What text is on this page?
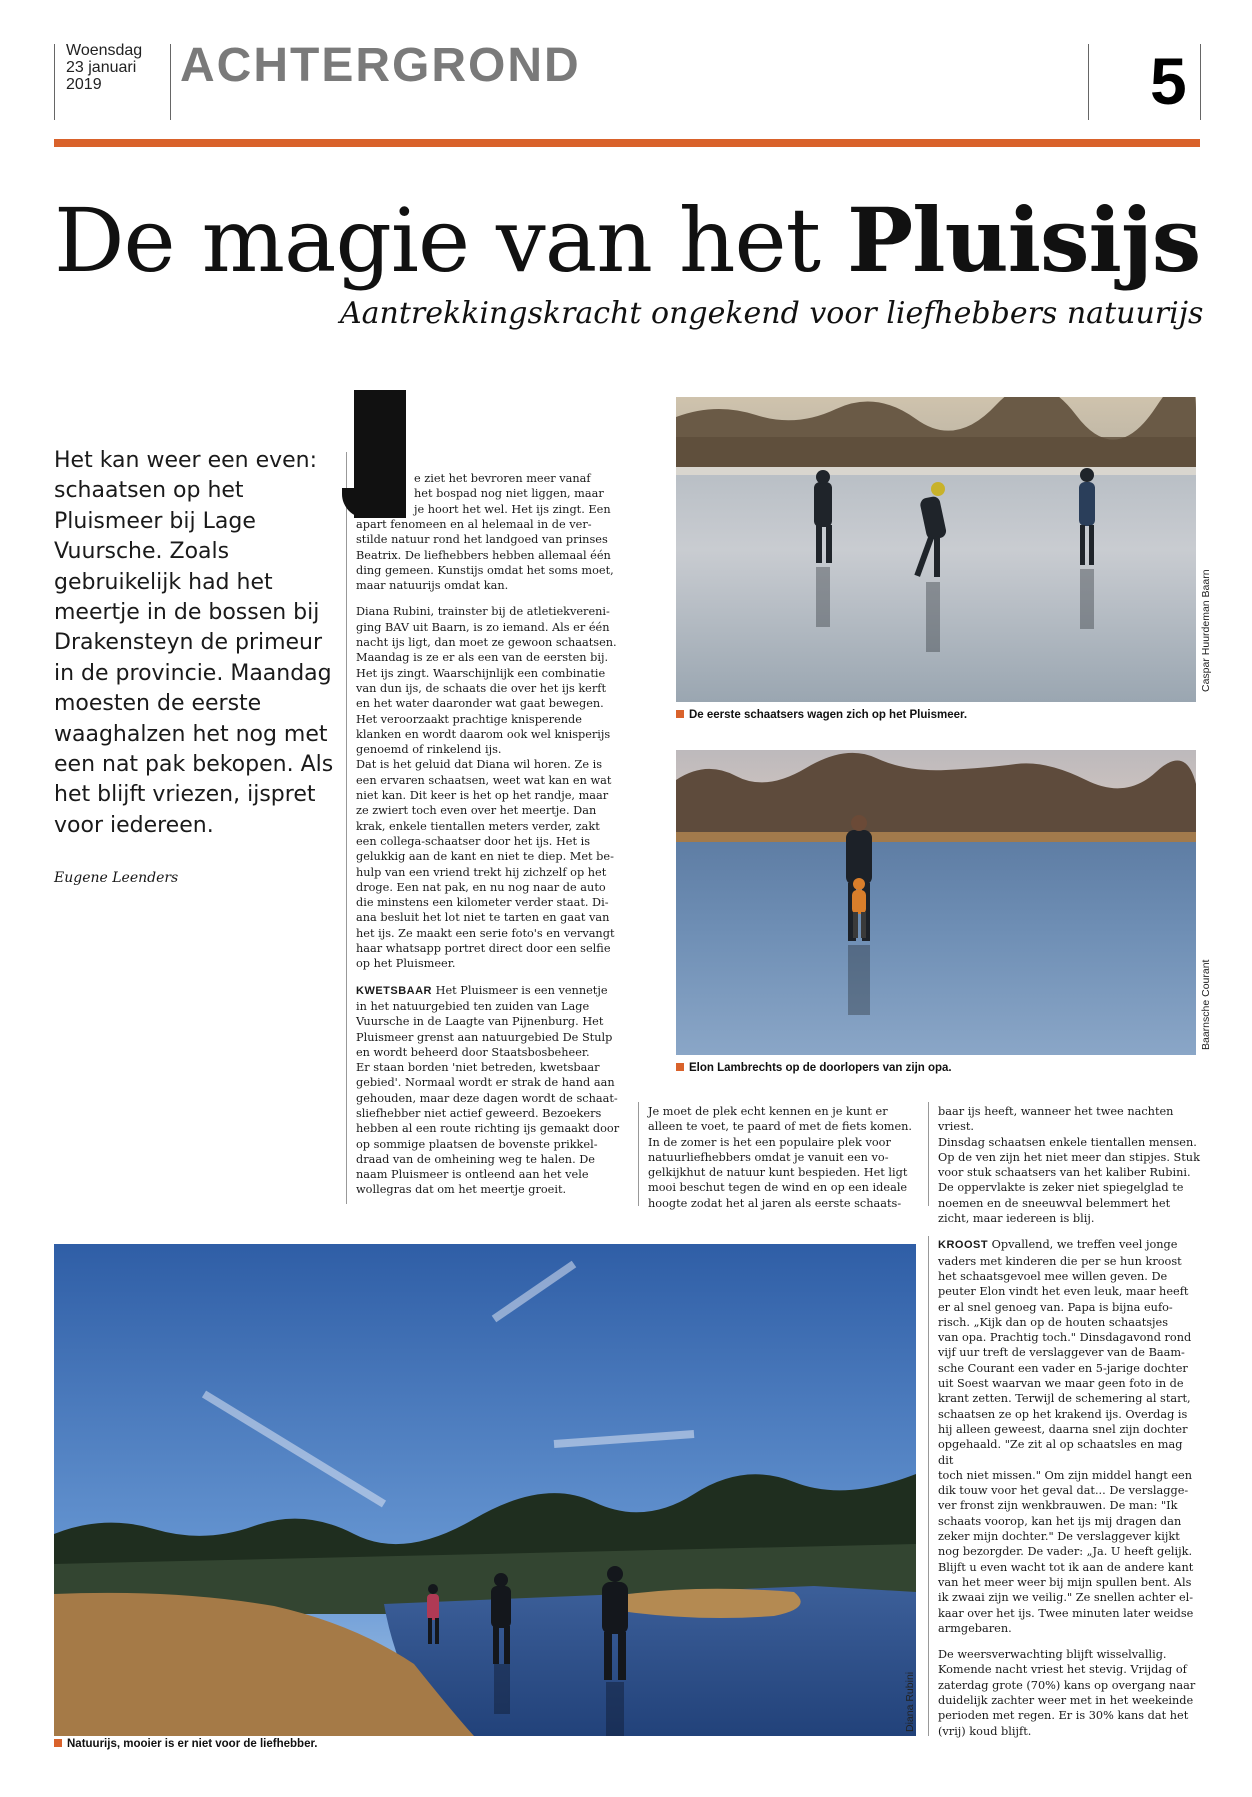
Woensdag
23 januari
2019	ACHTERGROND	5
De magie van het Pluisijs
Aantrekkingskracht ongekend voor liefhebbers natuurijs
Het kan weer een even:
schaatsen op het
Pluismeer bij Lage
Vuursche. Zoals
gebruikelijk had het
meertje in de bossen bij
Drakensteyn de primeur
in de provincie. Maandag
moesten de eerste
waaghalzen het nog met
een nat pak bekopen. Als
het blijft vriezen, ijspret
voor iedereen.
Eugene Leenders
e ziet het bevroren meer vanaf
het bospad nog niet liggen, maar
je hoort het wel. Het ijs zingt. Een

apart fenomeen en al helemaal in de ver-
stilde natuur rond het landgoed van prinses
Beatrix. De liefhebbers hebben allemaal één
ding gemeen. Kunstijs omdat het soms moet,
maar natuurijs omdat kan.

Diana Rubini, trainster bij de atletiekvereni-
ging BAV uit Baarn, is zo iemand. Als er één
nacht ijs ligt, dan moet ze gewoon schaatsen.
Maandag is ze er als een van de eersten bij.
Het ijs zingt. Waarschijnlijk een combinatie
van dun ijs, de schaats die over het ijs kerft
en het water daaronder wat gaat bewegen.
Het veroorzaakt prachtige knisperende
klanken en wordt daarom ook wel knisperijs
genoemd of rinkelend ijs.
Dat is het geluid dat Diana wil horen. Ze is
een ervaren schaatsen, weet wat kan en wat
niet kan. Dit keer is het op het randje, maar
ze zwiert toch even over het meertje. Dan
krak, enkele tientallen meters verder, zakt
een collega-schaatser door het ijs. Het is
gelukkig aan de kant en niet te diep. Met be-
hulp van een vriend trekt hij zichzelf op het
droge. Een nat pak, en nu nog naar de auto
die minstens een kilometer verder staat. Di-
ana besluit het lot niet te tarten en gaat van
het ijs. Ze maakt een serie foto's en vervangt
haar whatsapp portret direct door een selfie
op het Pluismeer.

KWETSBAAR Het Pluismeer is een vennetje
in het natuurgebied ten zuiden van Lage
Vuursche in de Laagte van Pijnenburg. Het
Pluismeer grenst aan natuurgebied De Stulp
en wordt beheerd door Staatsbosbeheer.
Er staan borden 'niet betreden, kwetsbaar
gebied'. Normaal wordt er strak de hand aan
gehouden, maar deze dagen wordt de schaat-
sliefhebber niet actief geweerd. Bezoekers
hebben al een route richting ijs gemaakt door
op sommige plaatsen de bovenste prikkel-
draad van de omheining weg te halen. De
naam Pluismeer is ontleend aan het vele
wollegras dat om het meertje groeit.

Je moet de plek echt kennen en je kunt er
alleen te voet, te paard of met de fiets komen.
In de zomer is het een populaire plek voor
natuurliefhebbers omdat je vanuit een vo-
gelkijkhut de natuur kunt bespieden. Het ligt
mooi beschut tegen de wind en op een ideale
hoogte zodat het al jaren als eerste schaats-

baar ijs heeft, wanneer het twee nachten
vriest.
Dinsdag schaatsen enkele tientallen mensen.
Op de ven zijn het niet meer dan stipjes. Stuk
voor stuk schaatsers van het kaliber Rubini.
De oppervlakte is zeker niet spiegelglad te
noemen en de sneeuwval belemmert het
zicht, maar iedereen is blij.

KROOST Opvallend, we treffen veel jonge
vaders met kinderen die per se hun kroost
het schaatsgevoel mee willen geven. De
peuter Elon vindt het even leuk, maar heeft
er al snel genoeg van. Papa is bijna eufo-
risch. „Kijk dan op de houten schaatsjes
van opa. Prachtig toch." Dinsdagavond rond
vijf uur treft de verslaggever van de Baam-
sche Courant een vader en 5-jarige dochter
uit Soest waarvan we maar geen foto in de
krant zetten. Terwijl de schemering al start,
schaatsen ze op het krakend ijs. Overdag is
hij alleen geweest, daarna snel zijn dochter
opgehaald. "Ze zit al op schaatsles en mag dit
toch niet missen." Om zijn middel hangt een
dik touw voor het geval dat... De verslagge-
ver fronst zijn wenkbrauwen. De man: "Ik
schaats voorop, kan het ijs mij dragen dan
zeker mijn dochter." De verslaggever kijkt
nog bezorgder. De vader: „Ja. U heeft gelijk.
Blijft u even wacht tot ik aan de andere kant
van het meer weer bij mijn spullen bent. Als
ik zwaai zijn we veilig." Ze snellen achter el-
kaar over het ijs. Twee minuten later weidse
armgebaren.

De weersverwachting blijft wisselvallig.
Komende nacht vriest het stevig. Vrijdag of
zaterdag grote (70%) kans op overgang naar
duidelijk zachter weer met in het weekeinde
perioden met regen. Er is 30% kans dat het
(vrij) koud blijft.

Caspar Huurdeman Baarn
De eerste schaatsers wagen zich op het Pluismeer.
Baarnsche Courant
Elon Lambrechts op de doorlopers van zijn opa.
Diana Rubini
Natuurijs, mooier is er niet voor de liefhebber.
